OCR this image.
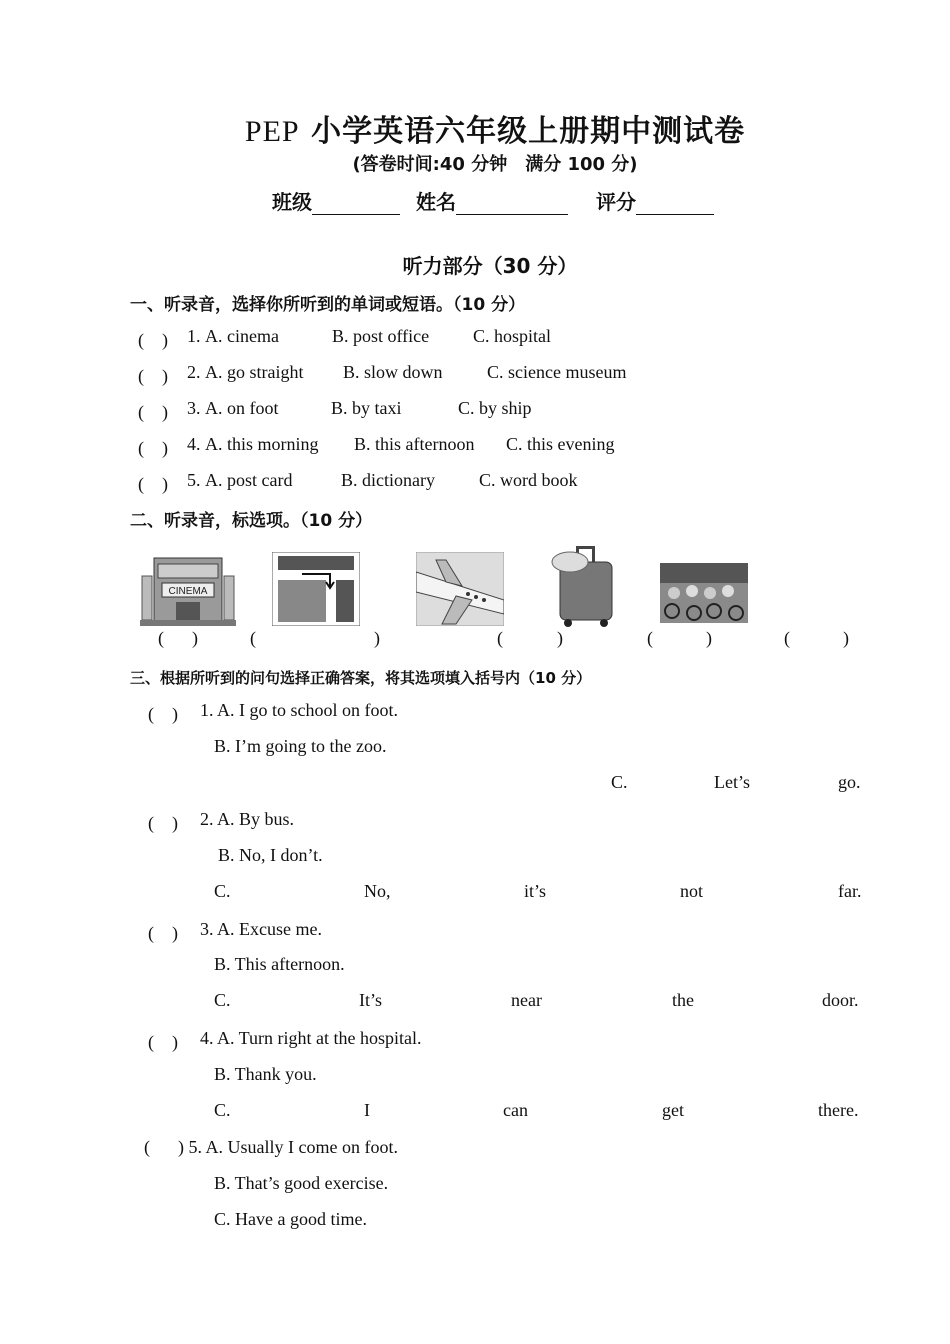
PEP 小学英语六年级上册期中测试卷
(答卷时间:40 分钟　满分 100 分)
班级	姓名	评分
听力部分（30 分）
一、听录音，选择你所听到的单词或短语。（10 分）
(　) 1. A. cinema	B. post office C. hospital
(　) 2. A. go straight B. slow down C. science museum
(　) 3. A. on foot	B. by taxi	C. by ship
(　) 4. A. this morning B. this afternoon C. this evening
(　) 5. A. post card	B. dictionary C. word book
二、听录音，标选项。（10 分）
CINEMA
( )	(	)	(	)	(	)	(	)
三、根据所听到的问句选择正确答案，将其选项填入括号内（10 分）
(　) 1. A. I go to school on foot.
B. I’m going to the zoo.
C.	Let’s	go.
(　) 2. A. By bus.
B. No, I don’t.
C.	No,	it’s	not	far.
(　) 3. A. Excuse me.
B. This afternoon.
C.	It’s	near	the	door.
(　) 4. A. Turn right at the hospital.
B. Thank you.
C.	I	can	get	there.
( ) 5. A. Usually I come on foot.
B. That’s good exercise.
C. Have a good time.
